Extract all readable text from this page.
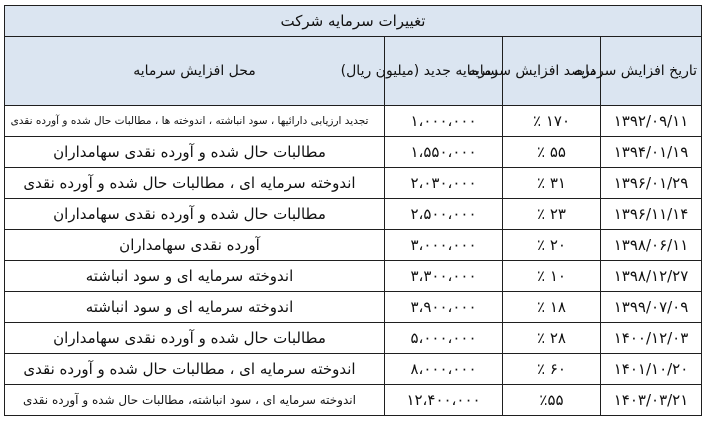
تغییرات سرمایه شرکت			
تاریخ افزایش سرمایه	درصد افزایش سرمایه	سرمایه جدید (میلیون ریال)	محل افزایش سرمایه
۱۳۹۲/۰۹/۱۱	۱۷۰ ٪	۱،۰۰۰،۰۰۰	تجدید ارزیابی دارائیها ، سود انباشته ، اندوخته ها ، مطالبات حال شده و آورده نقدی
۱۳۹۴/۰۱/۱۹	۵۵ ٪	۱،۵۵۰،۰۰۰	مطالبات حال شده و آورده نقدی سهامداران
۱۳۹۶/۰۱/۲۹	۳۱ ٪	۲،۰۳۰،۰۰۰	اندوخته سرمایه ای ، مطالبات حال شده و آورده نقدی
۱۳۹۶/۱۱/۱۴	۲۳ ٪	۲،۵۰۰،۰۰۰	مطالبات حال شده و آورده نقدی سهامداران
۱۳۹۸/۰۶/۱۱	۲۰ ٪	۳،۰۰۰،۰۰۰	آورده نقدی سهامداران
۱۳۹۸/۱۲/۲۷	۱۰ ٪	۳،۳۰۰،۰۰۰	اندوخته سرمایه ای و سود انباشته
۱۳۹۹/۰۷/۰۹	۱۸ ٪	۳،۹۰۰،۰۰۰	اندوخته سرمایه ای و سود انباشته
۱۴۰۰/۱۲/۰۳	۲۸ ٪	۵،۰۰۰،۰۰۰	مطالبات حال شده و آورده نقدی سهامداران
۱۴۰۱/۱۰/۲۰	۶۰ ٪	۸،۰۰۰،۰۰۰	اندوخته سرمایه ای ، مطالبات حال شده و آورده نقدی
۱۴۰۳/۰۳/۲۱	٪۵۵	۱۲،۴۰۰،۰۰۰	اندوخته سرمایه ای ، سود انباشته، مطالبات حال شده و آورده نقدی
